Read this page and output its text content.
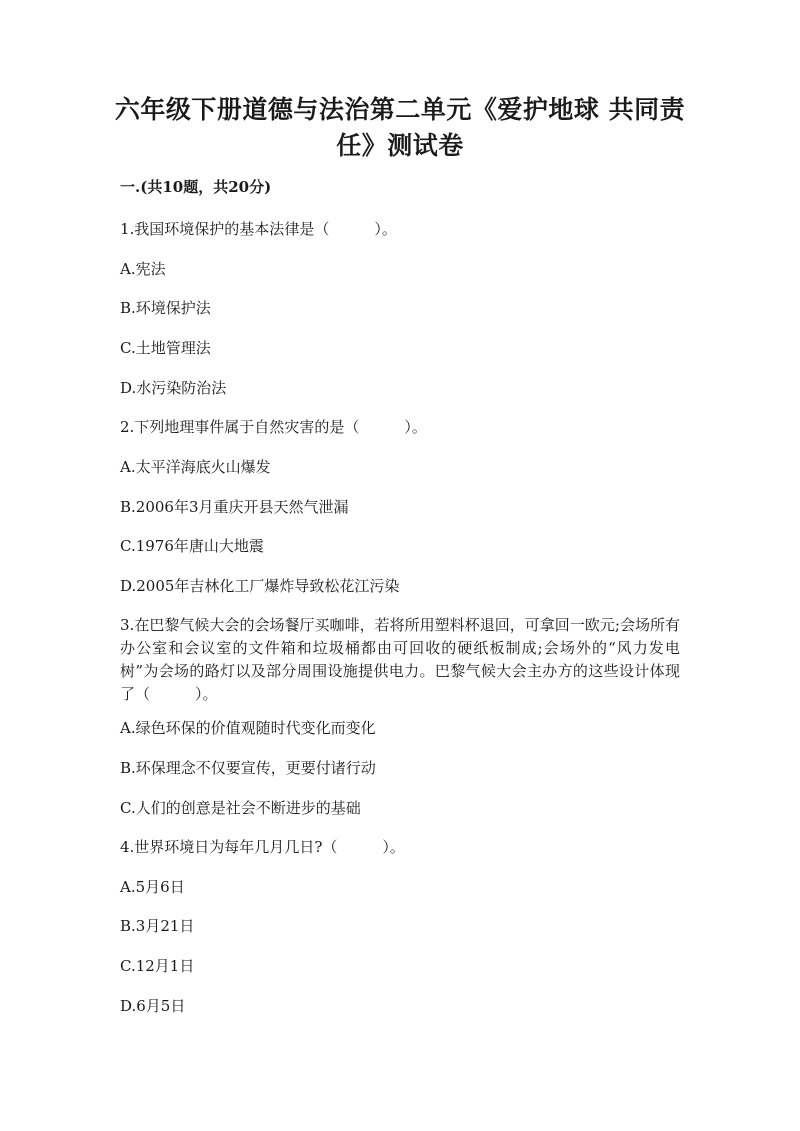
六年级下册道德与法治第二单元《爱护地球 共同责任》测试卷
一.(共10题，共20分)
1.我国环境保护的基本法律是（　　　）。
A.宪法
B.环境保护法
C.土地管理法
D.水污染防治法
2.下列地理事件属于自然灾害的是（　　　）。
A.太平洋海底火山爆发
B.2006年3月重庆开县天然气泄漏
C.1976年唐山大地震
D.2005年吉林化工厂爆炸导致松花江污染
3.在巴黎气候大会的会场餐厅买咖啡，若将所用塑料杯退回，可拿回一欧元;会场所有办公室和会议室的文件箱和垃圾桶都由可回收的硬纸板制成;会场外的“风力发电树”为会场的路灯以及部分周围设施提供电力。巴黎气候大会主办方的这些设计体现了（　　　）。
A.绿色环保的价值观随时代变化而变化
B.环保理念不仅要宣传，更要付诸行动
C.人们的创意是社会不断进步的基础
4.世界环境日为每年几月几日?（　　　）。
A.5月6日
B.3月21日
C.12月1日
D.6月5日
